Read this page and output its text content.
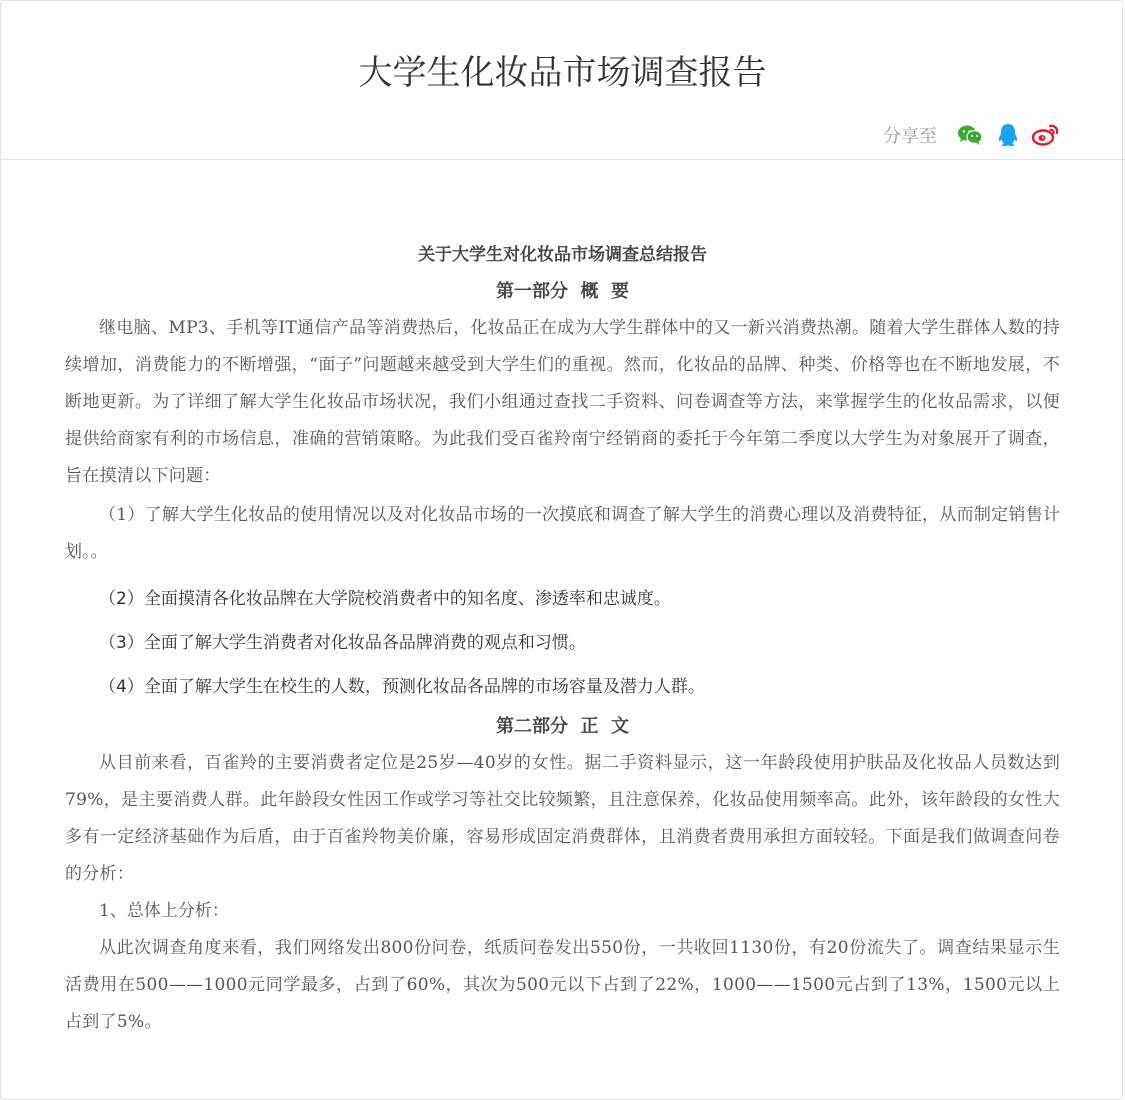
大学生化妆品市场调查报告
分享至
关于大学生对化妆品市场调查总结报告
第一部分  概  要

继电脑、MP3、手机等IT通信产品等消费热后，化妆品正在成为大学生群体中的又一新兴消费热潮。随着大学生群体人数的持续增加，消费能力的不断增强，“面子”问题越来越受到大学生们的重视。然而，化妆品的品牌、种类、价格等也在不断地发展，不断地更新。为了详细了解大学生化妆品市场状况，我们小组通过查找二手资料、问卷调查等方法，来掌握学生的化妆品需求，以便提供给商家有利的市场信息，准确的营销策略。为此我们受百雀羚南宁经销商的委托于今年第二季度以大学生为对象展开了调查，旨在摸清以下问题：

（1）了解大学生化妆品的使用情况以及对化妆品市场的一次摸底和调查了解大学生的消费心理以及消费特征，从而制定销售计划。。

（2）全面摸清各化妆品牌在大学院校消费者中的知名度、渗透率和忠诚度。

（3）全面了解大学生消费者对化妆品各品牌消费的观点和习惯。

（4）全面了解大学生在校生的人数，预测化妆品各品牌的市场容量及潜力人群。

第二部分  正  文

从目前来看，百雀羚的主要消费者定位是25岁—40岁的女性。据二手资料显示，这一年龄段使用护肤品及化妆品人员数达到79%，是主要消费人群。此年龄段女性因工作或学习等社交比较频繁，且注意保养，化妆品使用频率高。此外，该年龄段的女性大多有一定经济基础作为后盾，由于百雀羚物美价廉，容易形成固定消费群体，且消费者费用承担方面较轻。下面是我们做调查问卷的分析：

1、总体上分析：

从此次调查角度来看，我们网络发出800份问卷，纸质问卷发出550份，一共收回1130份，有20份流失了。调查结果显示生活费用在500——1000元同学最多，占到了60%，其次为500元以下占到了22%，1000——1500元占到了13%，1500元以上占到了5%。
